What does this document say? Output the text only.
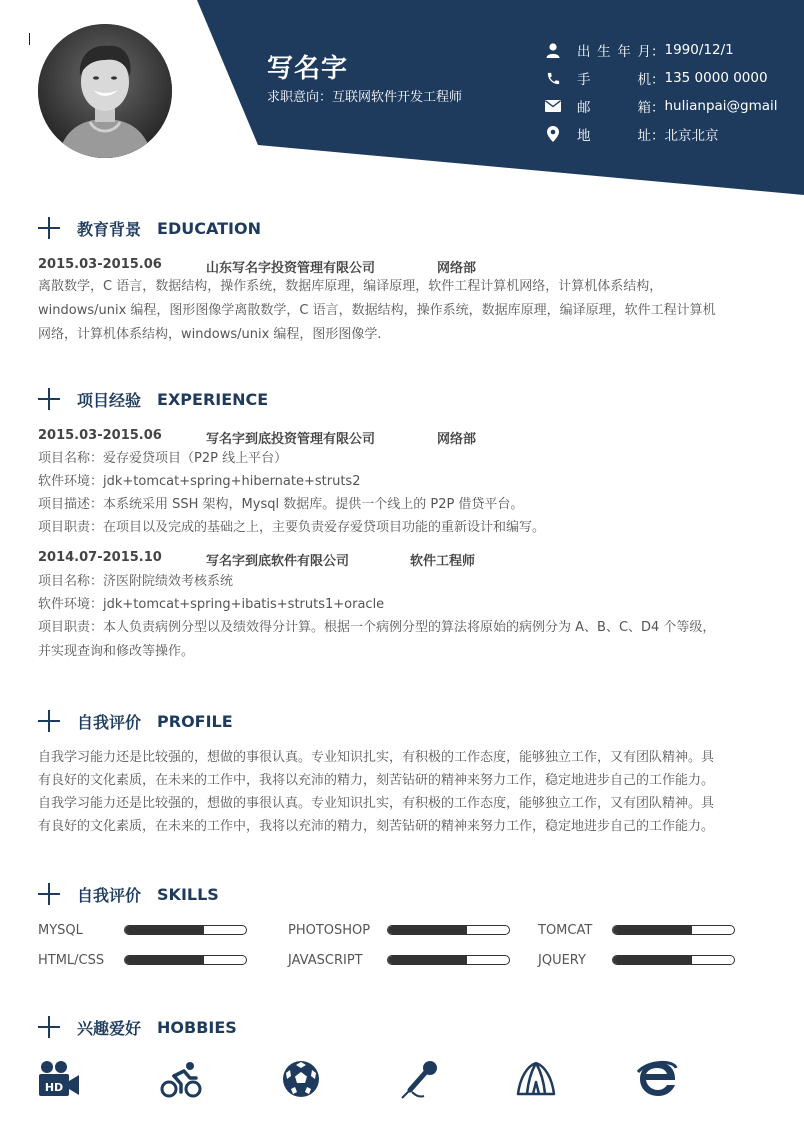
写名字
求职意向：互联网软件开发工程师
出 生 年 月 ： 1990/12/1
手	机 ： 135 0000 0000
邮	箱 ： hulianpai@gmail
地	址 ： 北京北京
教育背景 EDUCATION
2015.03-2015.06	山东写名字投资管理有限公司	网络部
离散数学，C 语言，数据结构，操作系统，数据库原理，编译原理，软件工程计算机网络，计算机体系结构，
windows/unix 编程，图形图像学离散数学，C 语言，数据结构，操作系统，数据库原理，编译原理，软件工程计算机
网络，计算机体系结构，windows/unix 编程，图形图像学.
项目经验 EXPERIENCE
2015.03-2015.06	写名字到底投资管理有限公司	网络部
项目名称：爱存爱贷项目（P2P 线上平台）
软件环境：jdk+tomcat+spring+hibernate+struts2
项目描述：本系统采用 SSH 架构，Mysql 数据库。提供一个线上的 P2P 借贷平台。
项目职责：在项目以及完成的基础之上，主要负责爱存爱贷项目功能的重新设计和编写。
2014.07-2015.10	写名字到底软件有限公司	软件工程师
项目名称：济医附院绩效考核系统
软件环境：jdk+tomcat+spring+ibatis+struts1+oracle
项目职责：本人负责病例分型以及绩效得分计算。根据一个病例分型的算法将原始的病例分为 A、B、C、D4 个等级，
并实现查询和修改等操作。
自我评价 PROFILE
自我学习能力还是比较强的，想做的事很认真。专业知识扎实，有积极的工作态度，能够独立工作，又有团队精神。具
有良好的文化素质，在未来的工作中，我将以充沛的精力，刻苦钻研的精神来努力工作，稳定地进步自己的工作能力。
自我学习能力还是比较强的，想做的事很认真。专业知识扎实，有积极的工作态度，能够独立工作，又有团队精神。具
有良好的文化素质，在未来的工作中，我将以充沛的精力，刻苦钻研的精神来努力工作，稳定地进步自己的工作能力。
自我评价 SKILLS
MYSQL	PHOTOSHOP	TOMCAT
HTML/CSS	JAVASCRIPT	JQUERY
兴趣爱好 HOBBIES
HD
